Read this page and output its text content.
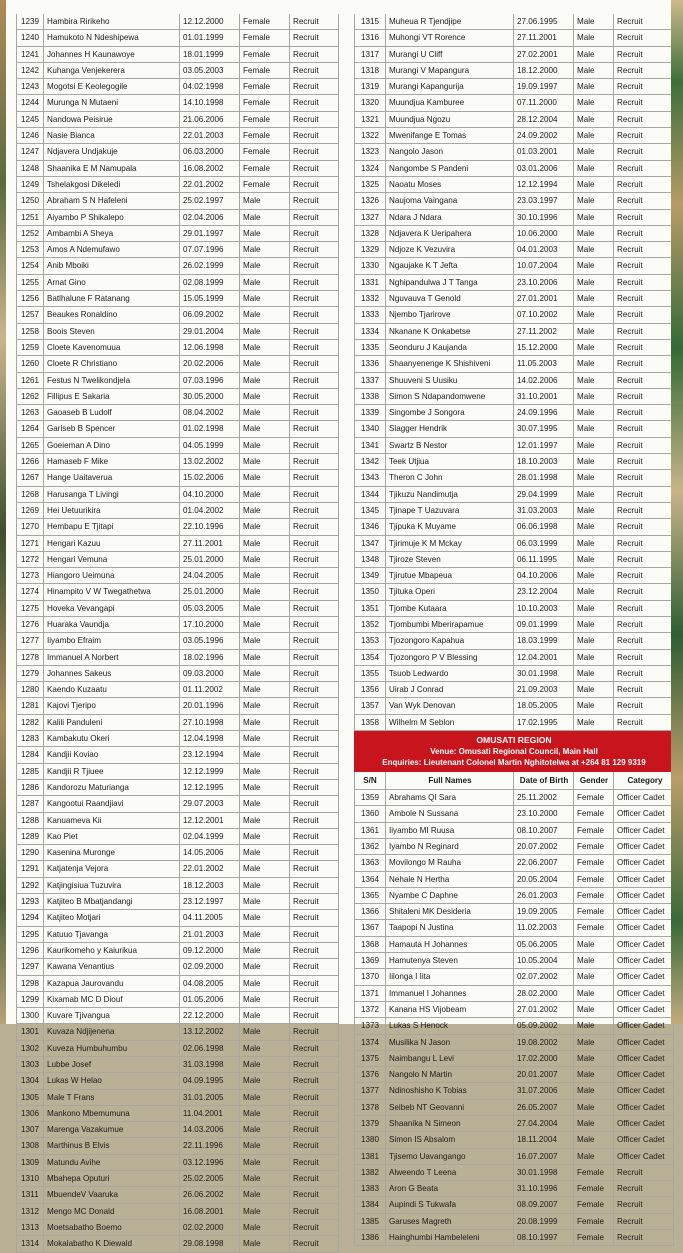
1239 Hambira Ririkeho	12.12.2000	Female	Recruit
1240 Hamukoto N Ndeshipewa	01.01.1999	Female	Recruit
1241 Johannes H Kaunawoye	18.01.1999	Female	Recruit
1242 Kuhanga Venjekerera	03.05.2003	Female	Recruit
1243 Mogotsi E Keolegogile	04.02.1998	Female	Recruit
1244 Murunga N Mutaeni	14.10.1998	Female	Recruit
1245 Nandowa Peisirue	21.06.2006	Female	Recruit
1246 Nasie Bianca	22.01.2003	Female	Recruit
1247 Ndjavera Undjakuje	06.03.2000	Female	Recruit
1248 Shaanika E M Namupala	16.08.2002	Female	Recruit
1249 Tshelakgosi Dikeledi	22.01.2002	Female	Recruit
1250 Abraham S N Hafeleni	25.02.1997	Male	Recruit
1251 Aiyambo P Shikalepo	02.04.2006	Male	Recruit
1252 Ambambi A Sheya	29.01.1997	Male	Recruit
1253 Amos A Ndemufawo	07.07.1996	Male	Recruit
1254 Anib Mboiki	26.02.1999	Male	Recruit
1255 Arnat Gino	02.08.1999	Male	Recruit
1256 Batlhalune F Ratanang	15.05.1999	Male	Recruit
1257 Beaukes Ronaldino	06.09.2002	Male	Recruit
1258 Boois Steven	29.01.2004	Male	Recruit
1259 Cloete Kavenomuua	12.06.1998	Male	Recruit
1260 Cloete R Christiano	20.02.2006	Male	Recruit
1261 Festus N Twelikondjela	07.03.1996	Male	Recruit
1262 Fillipus E Sakaria	30.05.2000	Male	Recruit
1263 Gaoaseb B Ludolf	08.04.2002	Male	Recruit
1264 Gariseb B Spencer	01.02.1998	Male	Recruit
1265 Goeieman A Dino	04.05.1999	Male	Recruit
1266 Hamaseb F Mike	13.02.2002	Male	Recruit
1267 Hange Uaitaverua	15.02.2006	Male	Recruit
1268 Harusanga T Livingi	04.10.2000	Male	Recruit
1269 Hei Uetuurikira	01.04.2002	Male	Recruit
1270 Hembapu E Tjitapi	22.10.1996	Male	Recruit
1271 Hengari Kazuu	27.11.2001	Male	Recruit
1272 Hengari Vemuna	25.01.2000	Male	Recruit
1273 Hiangoro Ueimuna	24.04.2005	Male	Recruit
1274 Hinampito V W Twegathetwa	25.01.2000	Male	Recruit
1275 Hoveka Vevangapi	05.03.2005	Male	Recruit
1276 Huaraka Vaundja	17.10.2000	Male	Recruit
1277 Iiyambo Efraim	03.05.1996	Male	Recruit
1278 Immanuel A Norbert	18.02.1996	Male	Recruit
1279 Johannes Sakeus	09.03.2000	Male	Recruit
1280 Kaendo Kuzaatu	01.11.2002	Male	Recruit
1281 Kajovi Tjeripo	20.01.1996	Male	Recruit
1282 Kalili Panduleni	27.10.1998	Male	Recruit
1283 Kambakutu Okeri	12.04.1998	Male	Recruit
1284 Kandjii Koviao	23.12.1994	Male	Recruit
1285 Kandjii R Tjiuee	12.12.1999	Male	Recruit
1286 Kandorozu Maturianga	12.12.1995	Male	Recruit
1287 Kangootui Raandjiavi	29.07.2003	Male	Recruit
1288 Kanuameva Kii	12.12.2001	Male	Recruit
1289 Kao Piet	02.04.1999	Male	Recruit
1290 Kasenina Muronge	14.05.2006	Male	Recruit
1291 Katjatenja Vejora	22.01.2002	Male	Recruit
1292 Katjingisiua Tuzuvira	18.12.2003	Male	Recruit
1293 Katjiteo B Mbatjandangi	23.12.1997	Male	Recruit
1294 Katjiteo Motjari	04.11.2005	Male	Recruit
1295 Katuuo Tjavanga	21.01.2003	Male	Recruit
1296 Kaurikomeho y Kaiurikua	09.12.2000	Male	Recruit
1297 Kawana Venantius	02.09.2000	Male	Recruit
1298 Kazapua Jaurovandu	04.08.2005	Male	Recruit
1299 Kixamab MC D Diouf	01.05.2006	Male	Recruit
1300 Kuvare Tjivangua	22.12.2000	Male	Recruit
1301 Kuvaza Ndjijenena	13.12.2002	Male	Recruit
1302 Kuveza Humbuhumbu	02.06.1998	Male	Recruit
1303 Lubbe Josef	31.03.1998	Male	Recruit
1304 Lukas W Helao	04.09.1995	Male	Recruit
1305 Male T Frans	31.01.2005	Male	Recruit
1306 Mankono Mbemumuna	11.04.2001	Male	Recruit
1307 Marenga Vazakumue	14.03.2006	Male	Recruit
1308 Marthinus B Elvis	22.11.1996	Male	Recruit
1309 Matundu Avihe	03.12.1996	Male	Recruit
1310 Mbahepa Oputuri	25.02.2005	Male	Recruit
1311	MbuendeV Vaaruka	26.06.2002	Male	Recruit
1312 Mengo MC Donald	16.08.2001	Male	Recruit
1313 Moetsabatho Boemo	02.02.2000	Male	Recruit
1314 Mokalabatho K Diewald	29.08.1998	Male	Recruit
1315	Muheua R Tjendjipe	27.06.1995	Male	Recruit
1316	Muhongi VT Rorence	27.11.2001	Male	Recruit
1317	Murangi U Cliff	27.02.2001	Male	Recruit
1318	Murangi V Mapangura	18.12.2000	Male	Recruit
1319	Murangi Kapangurija	19.09.1997	Male	Recruit
1320	Muundjua Kamburee	07.11.2000	Male	Recruit
1321	Muundjua Ngozu	28.12.2004	Male	Recruit
1322	Mwenifange E Tomas	24.09.2002	Male	Recruit
1323	Nangolo Jason	01.03.2001	Male	Recruit
1324	Nangombe S Pandeni	03.01.2006	Male	Recruit
1325	Naoatu Moses	12.12.1994	Male	Recruit
1326	Naujoma Vaingana	23.03.1997	Male	Recruit
1327	Ndara J Ndara	30.10.1996	Male	Recruit
1328	Ndjavera K Ueripahera	10.06.2000	Male	Recruit
1329	Ndjoze K Vezuvira	04.01.2003	Male	Recruit
1330	Ngaujake K T Jefta	10.07.2004	Male	Recruit
1331	Nghipandulwa J T Tanga	23.10.2006	Male	Recruit
1332	Nguvauva T Genold	27.01.2001	Male	Recruit
1333	Njembo Tjarirove	07.10.2002	Male	Recruit
1334	Nkanane K Onkabetse	27.11.2002	Male	Recruit
1335	Seonduru J Kaujanda	15.12.2000	Male	Recruit
1336	Shaanyenenge K Shishiveni	11.05.2003	Male	Recruit
1337	Shuuveni S Uusiku	14.02.2006	Male	Recruit
1338	Simon S Ndapandomwene	31.10.2001	Male	Recruit
1339	Singombe J Songora	24.09.1996	Male	Recruit
1340	Slagger Hendrik	30.07.1995	Male	Recruit
1341	Swartz B Nestor	12.01.1997	Male	Recruit
1342	Teek Utjiua	18.10.2003	Male	Recruit
1343	Theron C John	28.01.1998	Male	Recruit
1344	Tjikuzu Nandimutja	29.04.1999	Male	Recruit
1345	Tjinape T Uazuvara	31.03.2003	Male	Recruit
1346	Tjipuka K Muyame	06.06.1998	Male	Recruit
1347	Tjirimuje K M Mckay	06.03.1999	Male	Recruit
1348	Tjiroze Steven	06.11.1995	Male	Recruit
1349	Tjirutue Mbapeua	04.10.2006	Male	Recruit
1350	Tjituka Operi	23.12.2004	Male	Recruit
1351	Tjombe Kutaara	10.10.2003	Male	Recruit
1352	Tjombumbi Mberirapamue	09.01.1999	Male	Recruit
1353	Tjozongoro Kapahua	18.03.1999	Male	Recruit
1354	Tjozongoro P V Blessing	12.04.2001	Male	Recruit
1355	Tsuob Ledwardo	30.01.1998	Male	Recruit
1356	Uirab J Conrad	21.09.2003	Male	Recruit
1357	Van Wyk Denovan	18.05.2005	Male	Recruit
1358	Wilhelm M Seblon	17.02.1995	Male	Recruit
OMUSATI REGION
Venue: Omusati Regional Council, Main Hall
Enquiries: Lieutenant Colonel Martin Nghitotelwa at +264 81 129 9319
S/N	Full Names	Date of Birth	Gender	Category
1359	Abrahams QI Sara	25.11.2002	Female	Officer Cadet
1360	Ambole N Sussana	23.10.2000	Female	Officer Cadet
1361	Iiyambo MI Ruusa	08.10.2007	Female	Officer Cadet
1362	Iyambo N Reginard	20.07.2002	Female	Officer Cadet
1363	Movilongo M Rauha	22.06.2007	Female	Officer Cadet
1364	Nehale N Hertha	20.05.2004	Female	Officer Cadet
1365	Nyambe C Daphne	26.01.2003	Female	Officer Cadet
1366	Shitaleni MK Desideria	19.09.2005	Female	Officer Cadet
1367	Taapopi N Justina	11.02.2003	Female	Officer Cadet
1368	Hamauta H Johannes	05.06.2005	Male	Officer Cadet
1369	Hamutenya Steven	10.05.2004	Male	Officer Cadet
1370	Iilonga I Iita	02.07.2002	Male	Officer Cadet
1371	Immanuel I Johannes	28.02.2000	Male	Officer Cadet
1372	Kanana HS Vijobeam	27.01.2002	Male	Officer Cadet
1373	Lukas S Henock	05.09.2002	Male	Officer Cadet
1374	Musilika N Jason	19.08.2002	Male	Officer Cadet
1375	Naimbangu L Levi	17.02.2000	Male	Officer Cadet
1376	Nangolo N Martin	20.01.2007	Male	Officer Cadet
1377	Ndinoshisho K Tobias	31.07.2006	Male	Officer Cadet
1378	Seibeb NT Geovanni	26.05.2007	Male	Officer Cadet
1379	Shaanika N Simeon	27.04.2004	Male	Officer Cadet
1380	Simon IS Absalom	18.11.2004	Male	Officer Cadet
1381	Tjisemo Uavangango	16.07.2007	Male	Officer Cadet
1382	Alweendo T Leena	30.01.1998	Female	Recruit
1383	Aron G Beata	31.10.1996	Female	Recruit
1384	Aupindi S Tukwafa	08.09.2007	Female	Recruit
1385	Garuses Magreth	20.08.1999	Female	Recruit
1386	Hainghumbi Hambeleleni	08.10.1997	Female	Recruit
